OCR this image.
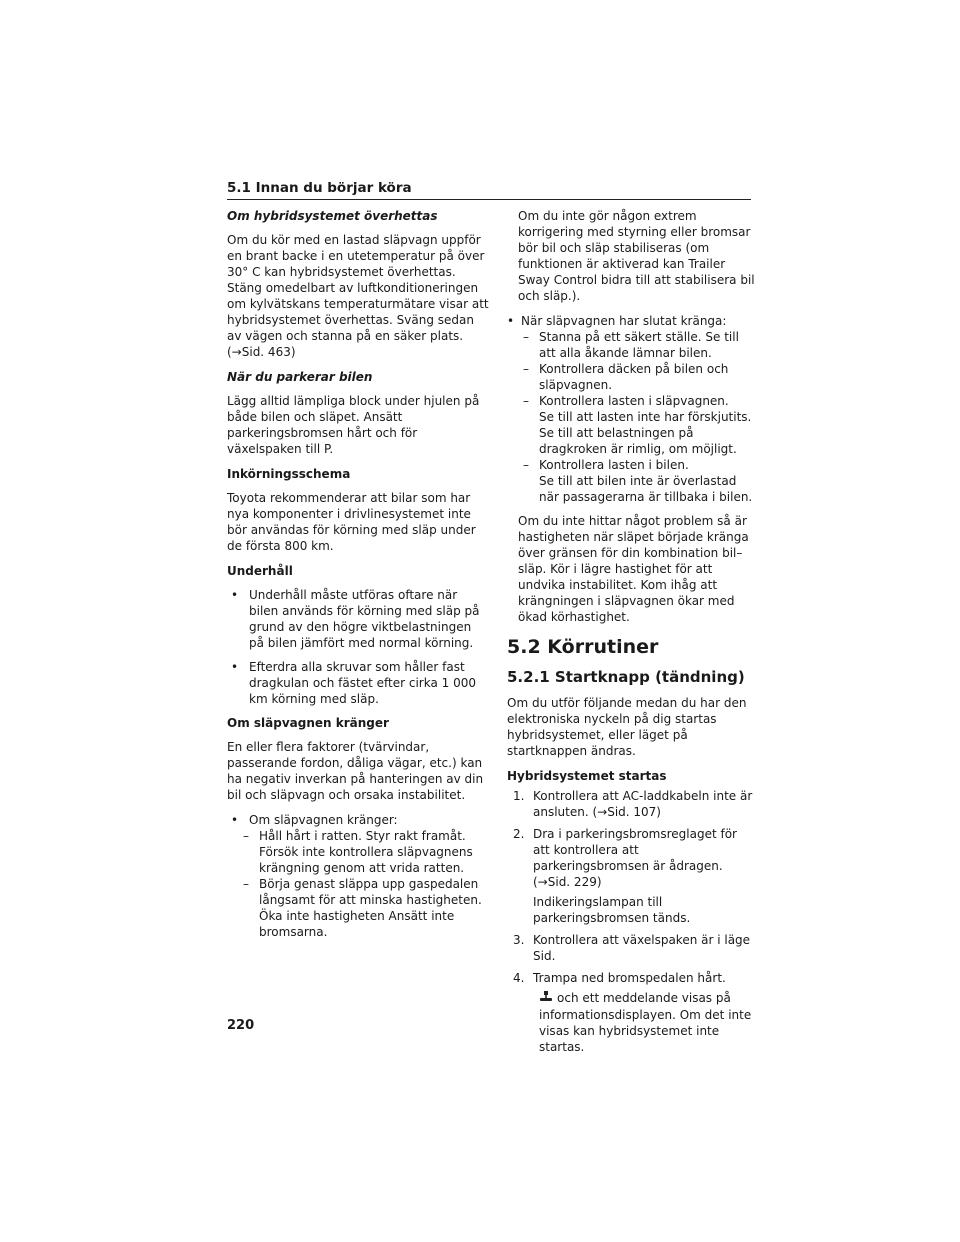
5.1 Innan du börjar köra

Om hybridsystemet överhettas

Om du kör med en lastad släpvagn uppför en brant backe i en utetemperatur på över 30° C kan hybridsystemet överhettas. Stäng omedelbart av luftkonditioneringen om kylvätskans temperaturmätare visar att hybridsystemet överhettas. Sväng sedan av vägen och stanna på en säker plats.

(→Sid. 463)

När du parkerar bilen

Lägg alltid lämpliga block under hjulen på både bilen och släpet. Ansätt parkeringsbromsen hårt och för växelspaken till P.

Inkörningsschema

Toyota rekommenderar att bilar som har nya komponenter i drivlinesystemet inte bör användas för körning med släp under de första 800 km.

Underhåll

• Underhåll måste utföras oftare när bilen används för körning med släp på grund av den högre viktbelastningen på bilen jämfört med normal körning.
• Efterdra alla skruvar som håller fast dragkulan och fästet efter cirka 1 000 km körning med släp.

Om släpvagnen kränger

En eller flera faktorer (tvärvindar, passerande fordon, dåliga vägar, etc.) kan ha negativ inverkan på hanteringen av din bil och släpvagn och orsaka instabilitet.

• Om släpvagnen kränger:
– Håll hårt i ratten. Styr rakt framåt. Försök inte kontrollera släpvagnens krängning genom att vrida ratten.
– Börja genast släppa upp gaspedalen långsamt för att minska hastigheten. Öka inte hastigheten Ansätt inte bromsarna.

Om du inte gör någon extrem korrigering med styrning eller bromsar bör bil och släp stabiliseras (om funktionen är aktiverad kan Trailer Sway Control bidra till att stabilisera bil och släp.).

• När släpvagnen har slutat kränga:
– Stanna på ett säkert ställe. Se till att alla åkande lämnar bilen.
– Kontrollera däcken på bilen och släpvagnen.
– Kontrollera lasten i släpvagnen.
Se till att lasten inte har förskjutits. Se till att belastningen på dragkroken är rimlig, om möjligt.
– Kontrollera lasten i bilen.
Se till att bilen inte är överlastad när passagerarna är tillbaka i bilen.

Om du inte hittar något problem så är hastigheten när släpet började kränga över gränsen för din kombination bil–släp. Kör i lägre hastighet för att undvika instabilitet. Kom ihåg att krängningen i släpvagnen ökar med ökad körhastighet.

5.2 Körrutiner
5.2.1 Startknapp (tändning)

Om du utför följande medan du har den elektroniska nyckeln på dig startas hybridsystemet, eller läget på startknappen ändras.

Hybridsystemet startas

1. Kontrollera att AC-laddkabeln inte är ansluten. (→Sid. 107)
2. Dra i parkeringsbromsreglaget för att kontrollera att parkeringsbromsen är ådragen. (→Sid. 229)
Indikeringslampan till parkeringsbromsen tänds.
3. Kontrollera att växelspaken är i läge Sid.
4. Trampa ned bromspedalen hårt.
och ett meddelande visas på informationsdisplayen. Om det inte visas kan hybridsystemet inte startas.
220
